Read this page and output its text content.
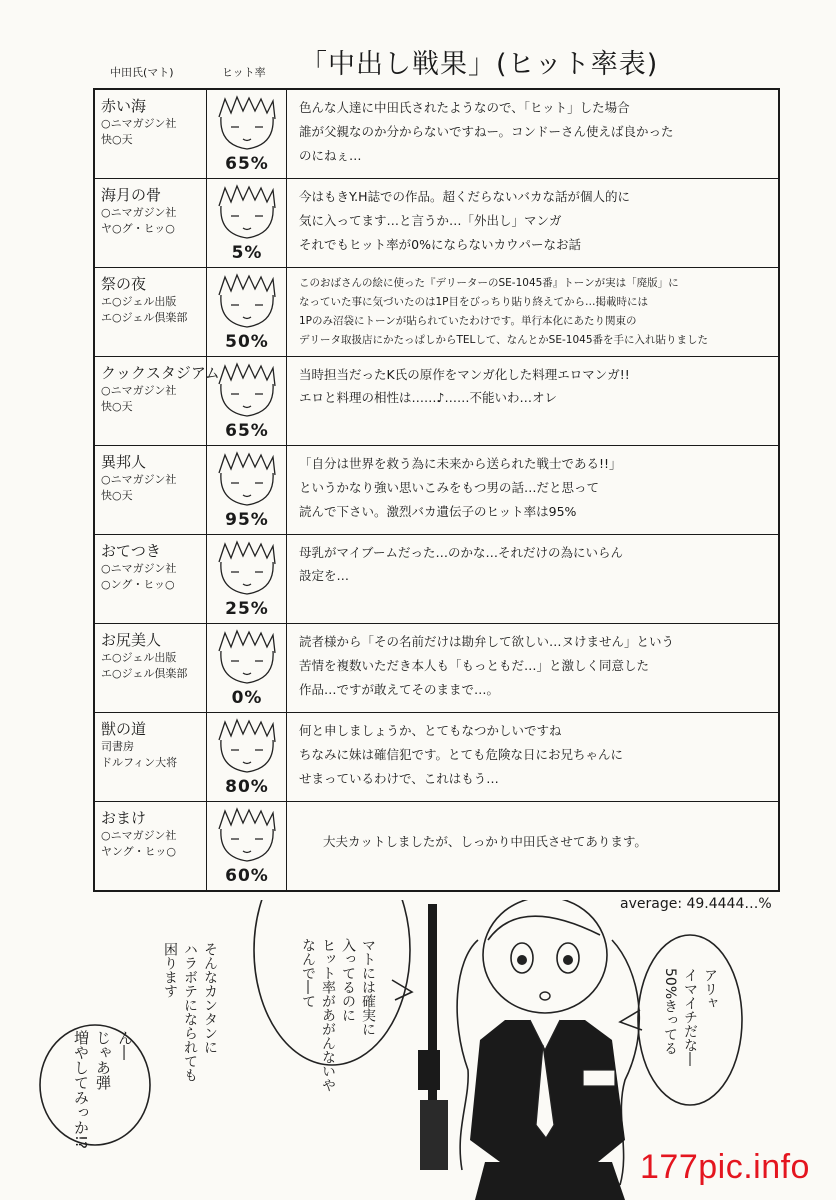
「中出し戦果」(ヒット率表)
中田氏(マト)	ヒット率
赤い海
○ニマガジン社
快○天
65%
色んな人達に中田氏されたようなので、「ヒット」した場合
誰が父親なのか分からないですねー。コンドーさん使えば良かった
のにねぇ…
海月の骨
○ニマガジン社
ヤ○グ・ヒッ○
5%
今はもきY.H誌での作品。超くだらないバカな話が個人的に
気に入ってます…と言うか…「外出し」マンガ
それでもヒット率が0%にならないカウパーなお話
祭の夜
エ○ジェル出版
エ○ジェル倶楽部
50%
このおばさんの絵に使った『デリーターのSE-1045番』トーンが実は「廃版」に
なっていた事に気づいたのは1P目をびっちり貼り終えてから…掲載時には
1Pのみ沼袋にトーンが貼られていたわけです。単行本化にあたり関東の
デリータ取扱店にかたっぱしからTELして、なんとかSE-1045番を手に入れ貼りました
クックスタジアム
○ニマガジン社
快○天
65%
当時担当だったK氏の原作をマンガ化した料理エロマンガ!!
エロと料理の相性は……♪……不能いわ…オレ
異邦人
○ニマガジン社
快○天
95%
「自分は世界を救う為に未来から送られた戦士である!!」
というかなり強い思いこみをもつ男の話…だと思って
読んで下さい。激烈バカ遺伝子のヒット率は95%
おてつき
○ニマガジン社
○ング・ヒッ○
25%
母乳がマイブームだった…のかな…それだけの為にいらん
設定を…
お尻美人
エ○ジェル出版
エ○ジェル倶楽部
0%
読者様から「その名前だけは勘弁して欲しい…ヌけません」という
苦情を複数いただき本人も「もっともだ…」と激しく同意した
作品…ですが敢えてそのままで…。
獣の道
司書房
ドルフィン大将
80%
何と申しましょうか、とてもなつかしいですね
ちなみに妹は確信犯です。とても危険な日にお兄ちゃんに
せまっているわけで、これはもう…
おまけ
○ニマガジン社
ヤング・ヒッ○
60%
大夫カットしましたが、しっかり中田氏させてあります。
average: 49.4444…%
マトには確実に
入ってるのに
ヒット率があがんないや
なんで―て
そんなカンタンに
ハラボテになられても
困ります
ん―
じゃあ弾
増やしてみっか!?
アリャ
イマイチだな―
50%きってる
177pic.info
